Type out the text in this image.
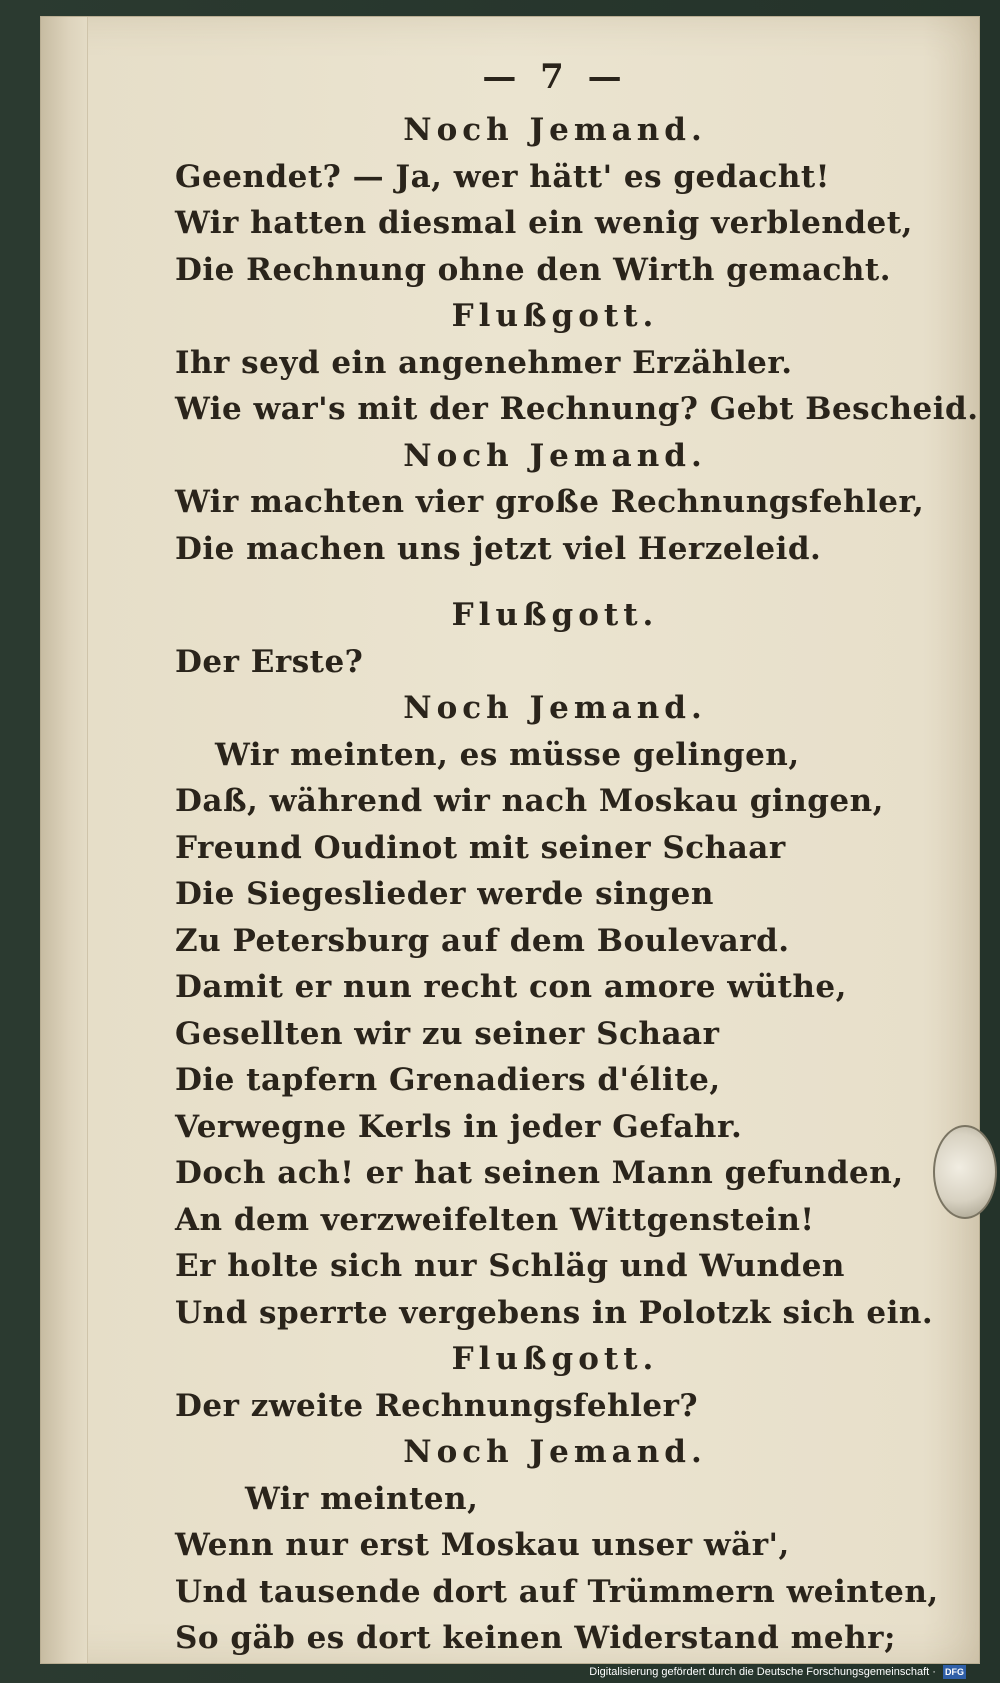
— 7 —
Noch Jemand.
Geendet? — Ja, wer hätt' es gedacht!
Wir hatten diesmal ein wenig verblendet,
Die Rechnung ohne den Wirth gemacht.
Flußgott.
Ihr seyd ein angenehmer Erzähler.
Wie war's mit der Rechnung? Gebt Bescheid.
Noch Jemand.
Wir machten vier große Rechnungsfehler,
Die machen uns jetzt viel Herzeleid.
Flußgott.
Der Erste?
Noch Jemand.
Wir meinten, es müsse gelingen,
Daß, während wir nach Moskau gingen,
Freund Oudinot mit seiner Schaar
Die Siegeslieder werde singen
Zu Petersburg auf dem Boulevard.
Damit er nun recht con amore wüthe,
Gesellten wir zu seiner Schaar
Die tapfern Grenadiers d'élite,
Verwegne Kerls in jeder Gefahr.
Doch ach! er hat seinen Mann gefunden,
An dem verzweifelten Wittgenstein!
Er holte sich nur Schläg und Wunden
Und sperrte vergebens in Polotzk sich ein.
Flußgott.
Der zweite Rechnungsfehler?
Noch Jemand.
Wir meinten,
Wenn nur erst Moskau unser wär',
Und tausende dort auf Trümmern weinten,
So gäb es dort keinen Widerstand mehr;
Digitalisierung gefördert durch die Deutsche Forschungsgemeinschaft · DFG
